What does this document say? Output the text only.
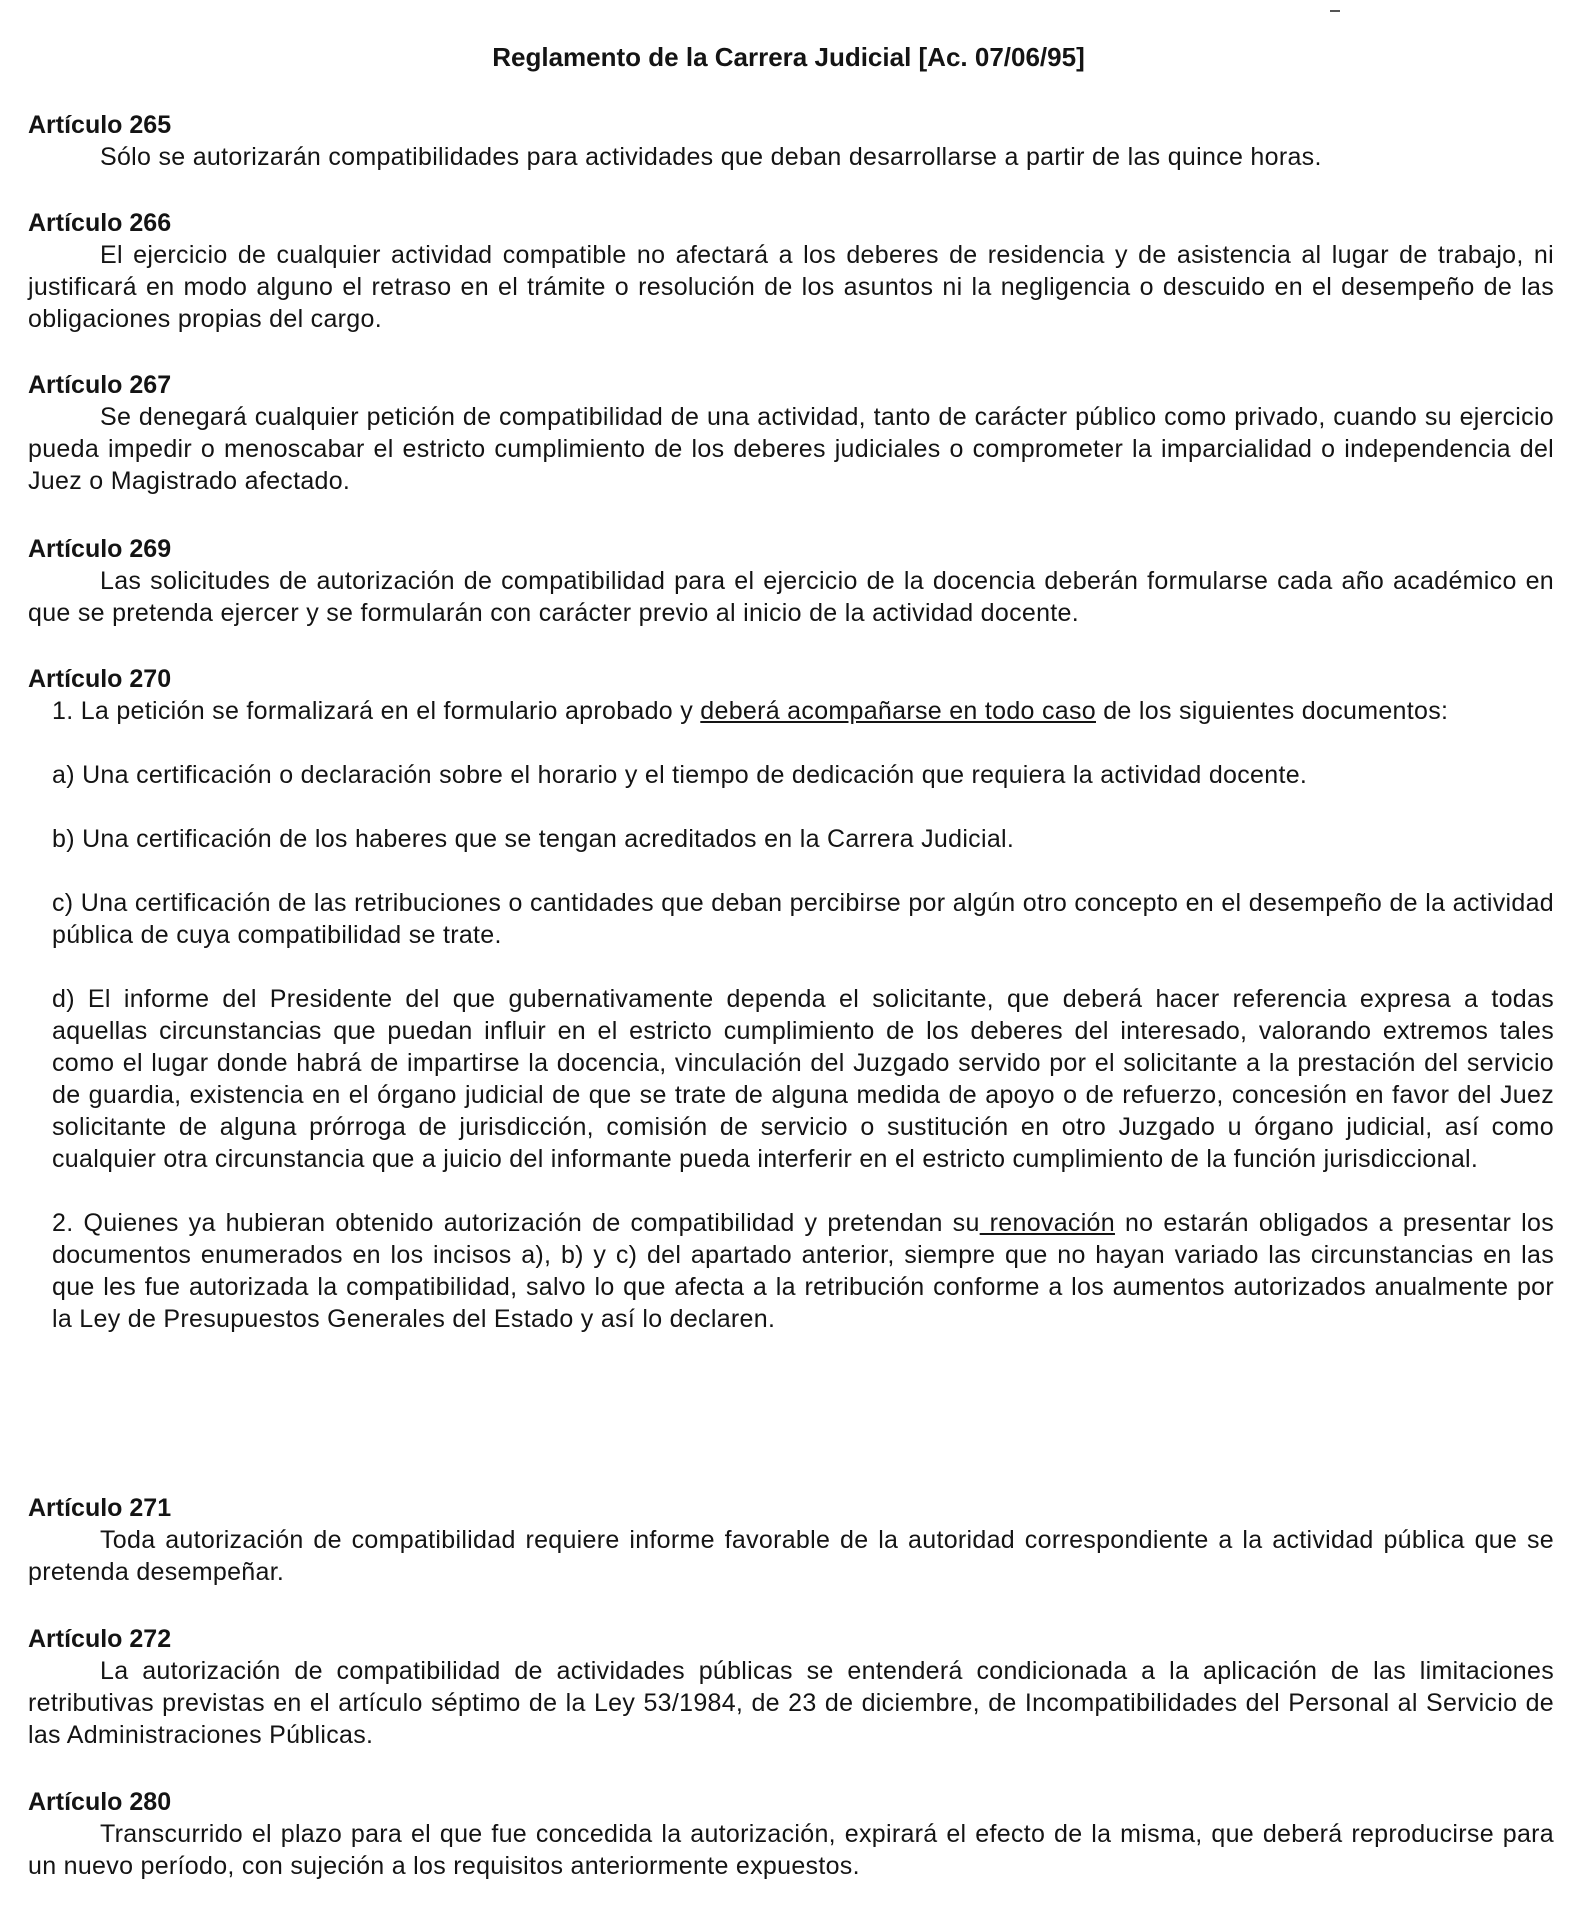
Reglamento de la Carrera Judicial [Ac. 07/06/95]
Artículo 265

Sólo se autorizarán compatibilidades para actividades que deban desarrollarse a partir de las quince horas.

Artículo 266

El ejercicio de cualquier actividad compatible no afectará a los deberes de residencia y de asistencia al lugar de trabajo, ni justificará en modo alguno el retraso en el trámite o resolución de los asuntos ni la negligencia o descuido en el desempeño de las obligaciones propias del cargo.

Artículo 267

Se denegará cualquier petición de compatibilidad de una actividad, tanto de carácter público como privado, cuando su ejercicio pueda impedir o menoscabar el estricto cumplimiento de los deberes judiciales o comprometer la imparcialidad o independencia del Juez o Magistrado afectado.

Artículo 269

Las solicitudes de autorización de compatibilidad para el ejercicio de la docencia deberán formularse cada año académico en que se pretenda ejercer y se formularán con carácter previo al inicio de la actividad docente.

Artículo 270

1. La petición se formalizará en el formulario aprobado y deberá acompañarse en todo caso de los siguientes documentos:

a) Una certificación o declaración sobre el horario y el tiempo de dedicación que requiera la actividad docente.

b) Una certificación de los haberes que se tengan acreditados en la Carrera Judicial.

c) Una certificación de las retribuciones o cantidades que deban percibirse por algún otro concepto en el desempeño de la actividad pública de cuya compatibilidad se trate.

d) El informe del Presidente del que gubernativamente dependa el solicitante, que deberá hacer referencia expresa a todas aquellas circunstancias que puedan influir en el estricto cumplimiento de los deberes del interesado, valorando extremos tales como el lugar donde habrá de impartirse la docencia, vinculación del Juzgado servido por el solicitante a la prestación del servicio de guardia, existencia en el órgano judicial de que se trate de alguna medida de apoyo o de refuerzo, concesión en favor del Juez solicitante de alguna prórroga de jurisdicción, comisión de servicio o sustitución en otro Juzgado u órgano judicial, así como cualquier otra circunstancia que a juicio del informante pueda interferir en el estricto cumplimiento de la función jurisdiccional.

2. Quienes ya hubieran obtenido autorización de compatibilidad y pretendan su renovación no estarán obligados a presentar los documentos enumerados en los incisos a), b) y c) del apartado anterior, siempre que no hayan variado las circunstancias en las que les fue autorizada la compatibilidad, salvo lo que afecta a la retribución conforme a los aumentos autorizados anualmente por la Ley de Presupuestos Generales del Estado y así lo declaren.

Artículo 271

Toda autorización de compatibilidad requiere informe favorable de la autoridad correspondiente a la actividad pública que se pretenda desempeñar.

Artículo 272

La autorización de compatibilidad de actividades públicas se entenderá condicionada a la aplicación de las limitaciones retributivas previstas en el artículo séptimo de la Ley 53/1984, de 23 de diciembre, de Incompatibilidades del Personal al Servicio de las Administraciones Públicas.

Artículo 280

Transcurrido el plazo para el que fue concedida la autorización, expirará el efecto de la misma, que deberá reproducirse para un nuevo período, con sujeción a los requisitos anteriormente expuestos.
